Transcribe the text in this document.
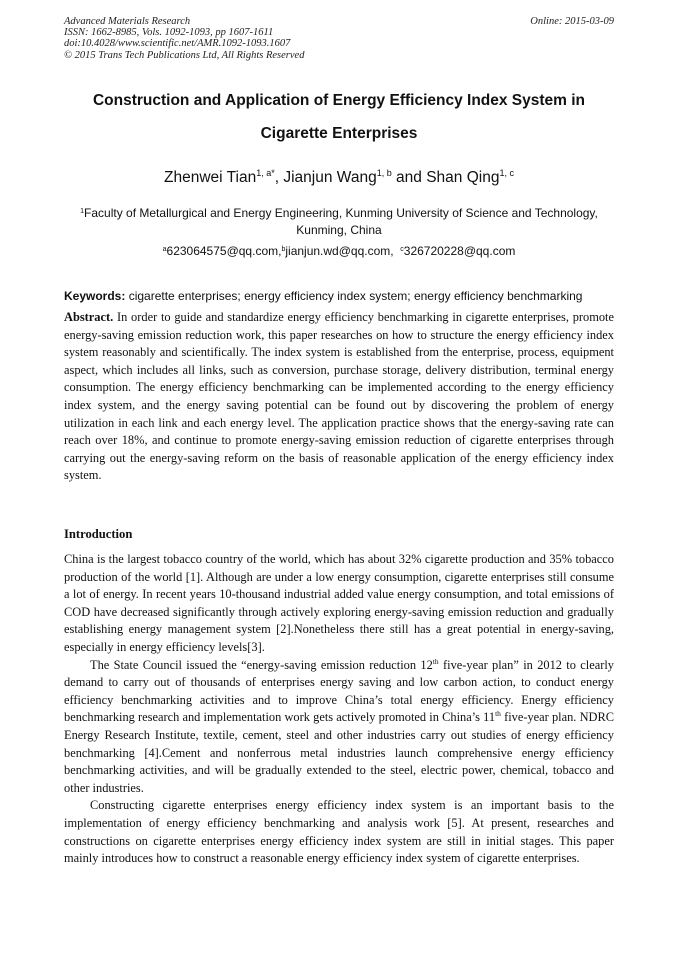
Advanced Materials Research
ISSN: 1662-8985, Vols. 1092-1093, pp 1607-1611
doi:10.4028/www.scientific.net/AMR.1092-1093.1607
© 2015 Trans Tech Publications Ltd, All Rights Reserved
Online: 2015-03-09
Construction and Application of Energy Efficiency Index System in
Cigarette Enterprises
Zhenwei Tian$^{1, a*}$, Jianjun Wang$^{1, b}$ and Shan Qing$^{1, c}$
$^1$Faculty of Metallurgical and Energy Engineering, Kunming University of Science and Technology, Kunming, China
$^a$623064575@qq.com,$^b$jianjun.wd@qq.com, $^c$326720228@qq.com
Keywords: cigarette enterprises; energy efficiency index system; energy efficiency benchmarking
Abstract. In order to guide and standardize energy efficiency benchmarking in cigarette enterprises, promote energy-saving emission reduction work, this paper researches on how to structure the energy efficiency index system reasonably and scientifically. The index system is established from the enterprise, process, equipment aspect, which includes all links, such as conversion, purchase storage, delivery distribution, terminal energy consumption. The energy efficiency benchmarking can be implemented according to the energy efficiency index system, and the energy saving potential can be found out by discovering the problem of energy utilization in each link and each energy level. The application practice shows that the energy-saving rate can reach over 18%, and continue to promote energy-saving emission reduction of cigarette enterprises through carrying out the energy-saving reform on the basis of reasonable application of the energy efficiency index system.
Introduction

China is the largest tobacco country of the world, which has about 32% cigarette production and 35% tobacco production of the world [1]. Although are under a low energy consumption, cigarette enterprises still consume a lot of energy. In recent years 10-thousand industrial added value energy consumption, and total emissions of COD have decreased significantly through actively exploring energy-saving emission reduction and gradually establishing energy management system [2].Nonetheless there still has a great potential in energy-saving, especially in energy efficiency levels[3].

The State Council issued the “energy-saving emission reduction 12th five-year plan” in 2012 to clearly demand to carry out of thousands of enterprises energy saving and low carbon action, to conduct energy efficiency benchmarking activities and to improve China’s total energy efficiency. Energy efficiency benchmarking research and implementation work gets actively promoted in China’s 11th five-year plan. NDRC Energy Research Institute, textile, cement, steel and other industries carry out studies of energy efficiency benchmarking [4].Cement and nonferrous metal industries launch comprehensive energy efficiency benchmarking activities, and will be gradually extended to the steel, electric power, chemical, tobacco and other industries.

Constructing cigarette enterprises energy efficiency index system is an important basis to the implementation of energy efficiency benchmarking and analysis work [5]. At present, researches and constructions on cigarette enterprises energy efficiency index system are still in initial stages. This paper mainly introduces how to construct a reasonable energy efficiency index system of cigarette enterprises.
